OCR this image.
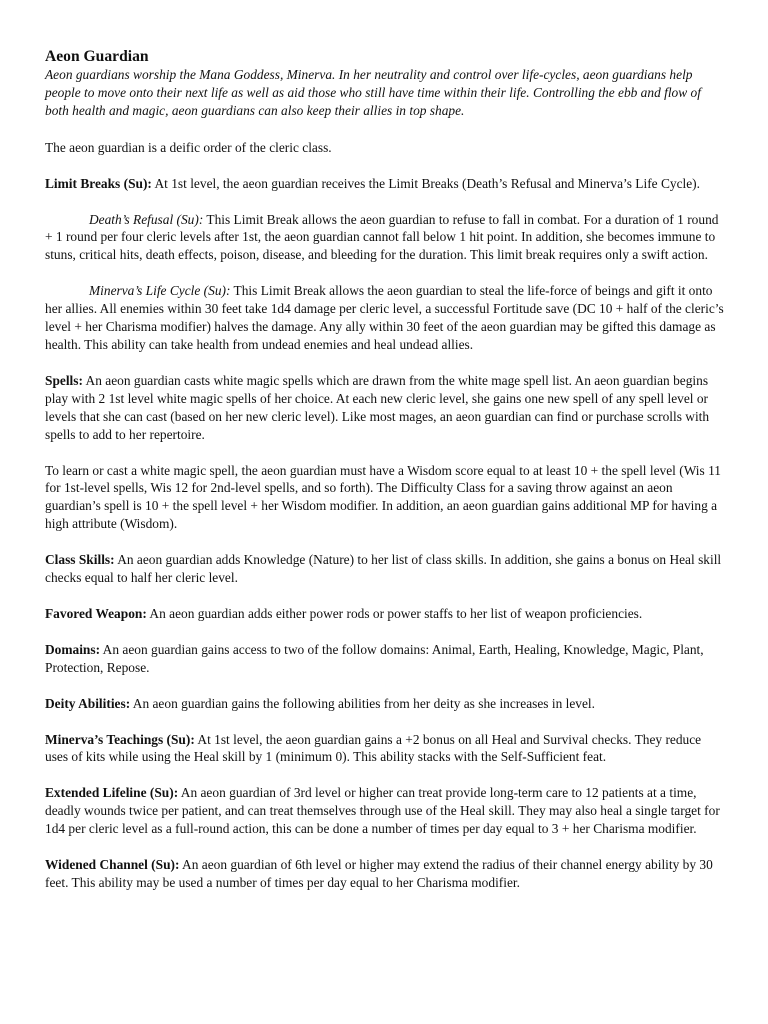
Aeon Guardian

Aeon guardians worship the Mana Goddess, Minerva. In her neutrality and control over life-cycles, aeon guardians help people to move onto their next life as well as aid those who still have time within their life. Controlling the ebb and flow of both health and magic, aeon guardians can also keep their allies in top shape.

The aeon guardian is a deific order of the cleric class.

Limit Breaks (Su): At 1st level, the aeon guardian receives the Limit Breaks (Death’s Refusal and Minerva’s Life Cycle).

Death’s Refusal (Su): This Limit Break allows the aeon guardian to refuse to fall in combat. For a duration of 1 round + 1 round per four cleric levels after 1st, the aeon guardian cannot fall below 1 hit point. In addition, she becomes immune to stuns, critical hits, death effects, poison, disease, and bleeding for the duration. This limit break requires only a swift action.

Minerva’s Life Cycle (Su): This Limit Break allows the aeon guardian to steal the life-force of beings and gift it onto her allies. All enemies within 30 feet take 1d4 damage per cleric level, a successful Fortitude save (DC 10 + half of the cleric’s level + her Charisma modifier) halves the damage. Any ally within 30 feet of the aeon guardian may be gifted this damage as health. This ability can take health from undead enemies and heal undead allies.

Spells: An aeon guardian casts white magic spells which are drawn from the white mage spell list. An aeon guardian begins play with 2 1st level white magic spells of her choice. At each new cleric level, she gains one new spell of any spell level or levels that she can cast (based on her new cleric level). Like most mages, an aeon guardian can find or purchase scrolls with spells to add to her repertoire.

To learn or cast a white magic spell, the aeon guardian must have a Wisdom score equal to at least 10 + the spell level (Wis 11 for 1st-level spells, Wis 12 for 2nd-level spells, and so forth). The Difficulty Class for a saving throw against an aeon guardian’s spell is 10 + the spell level + her Wisdom modifier. In addition, an aeon guardian gains additional MP for having a high attribute (Wisdom).

Class Skills: An aeon guardian adds Knowledge (Nature) to her list of class skills. In addition, she gains a bonus on Heal skill checks equal to half her cleric level.

Favored Weapon: An aeon guardian adds either power rods or power staffs to her list of weapon proficiencies.

Domains: An aeon guardian gains access to two of the follow domains: Animal, Earth, Healing, Knowledge, Magic, Plant, Protection, Repose.

Deity Abilities: An aeon guardian gains the following abilities from her deity as she increases in level.

Minerva’s Teachings (Su): At 1st level, the aeon guardian gains a +2 bonus on all Heal and Survival checks. They reduce uses of kits while using the Heal skill by 1 (minimum 0). This ability stacks with the Self-Sufficient feat.

Extended Lifeline (Su): An aeon guardian of 3rd level or higher can treat provide long-term care to 12 patients at a time, deadly wounds twice per patient, and can treat themselves through use of the Heal skill. They may also heal a single target for 1d4 per cleric level as a full-round action, this can be done a number of times per day equal to 3 + her Charisma modifier.

Widened Channel (Su): An aeon guardian of 6th level or higher may extend the radius of their channel energy ability by 30 feet. This ability may be used a number of times per day equal to her Charisma modifier.
